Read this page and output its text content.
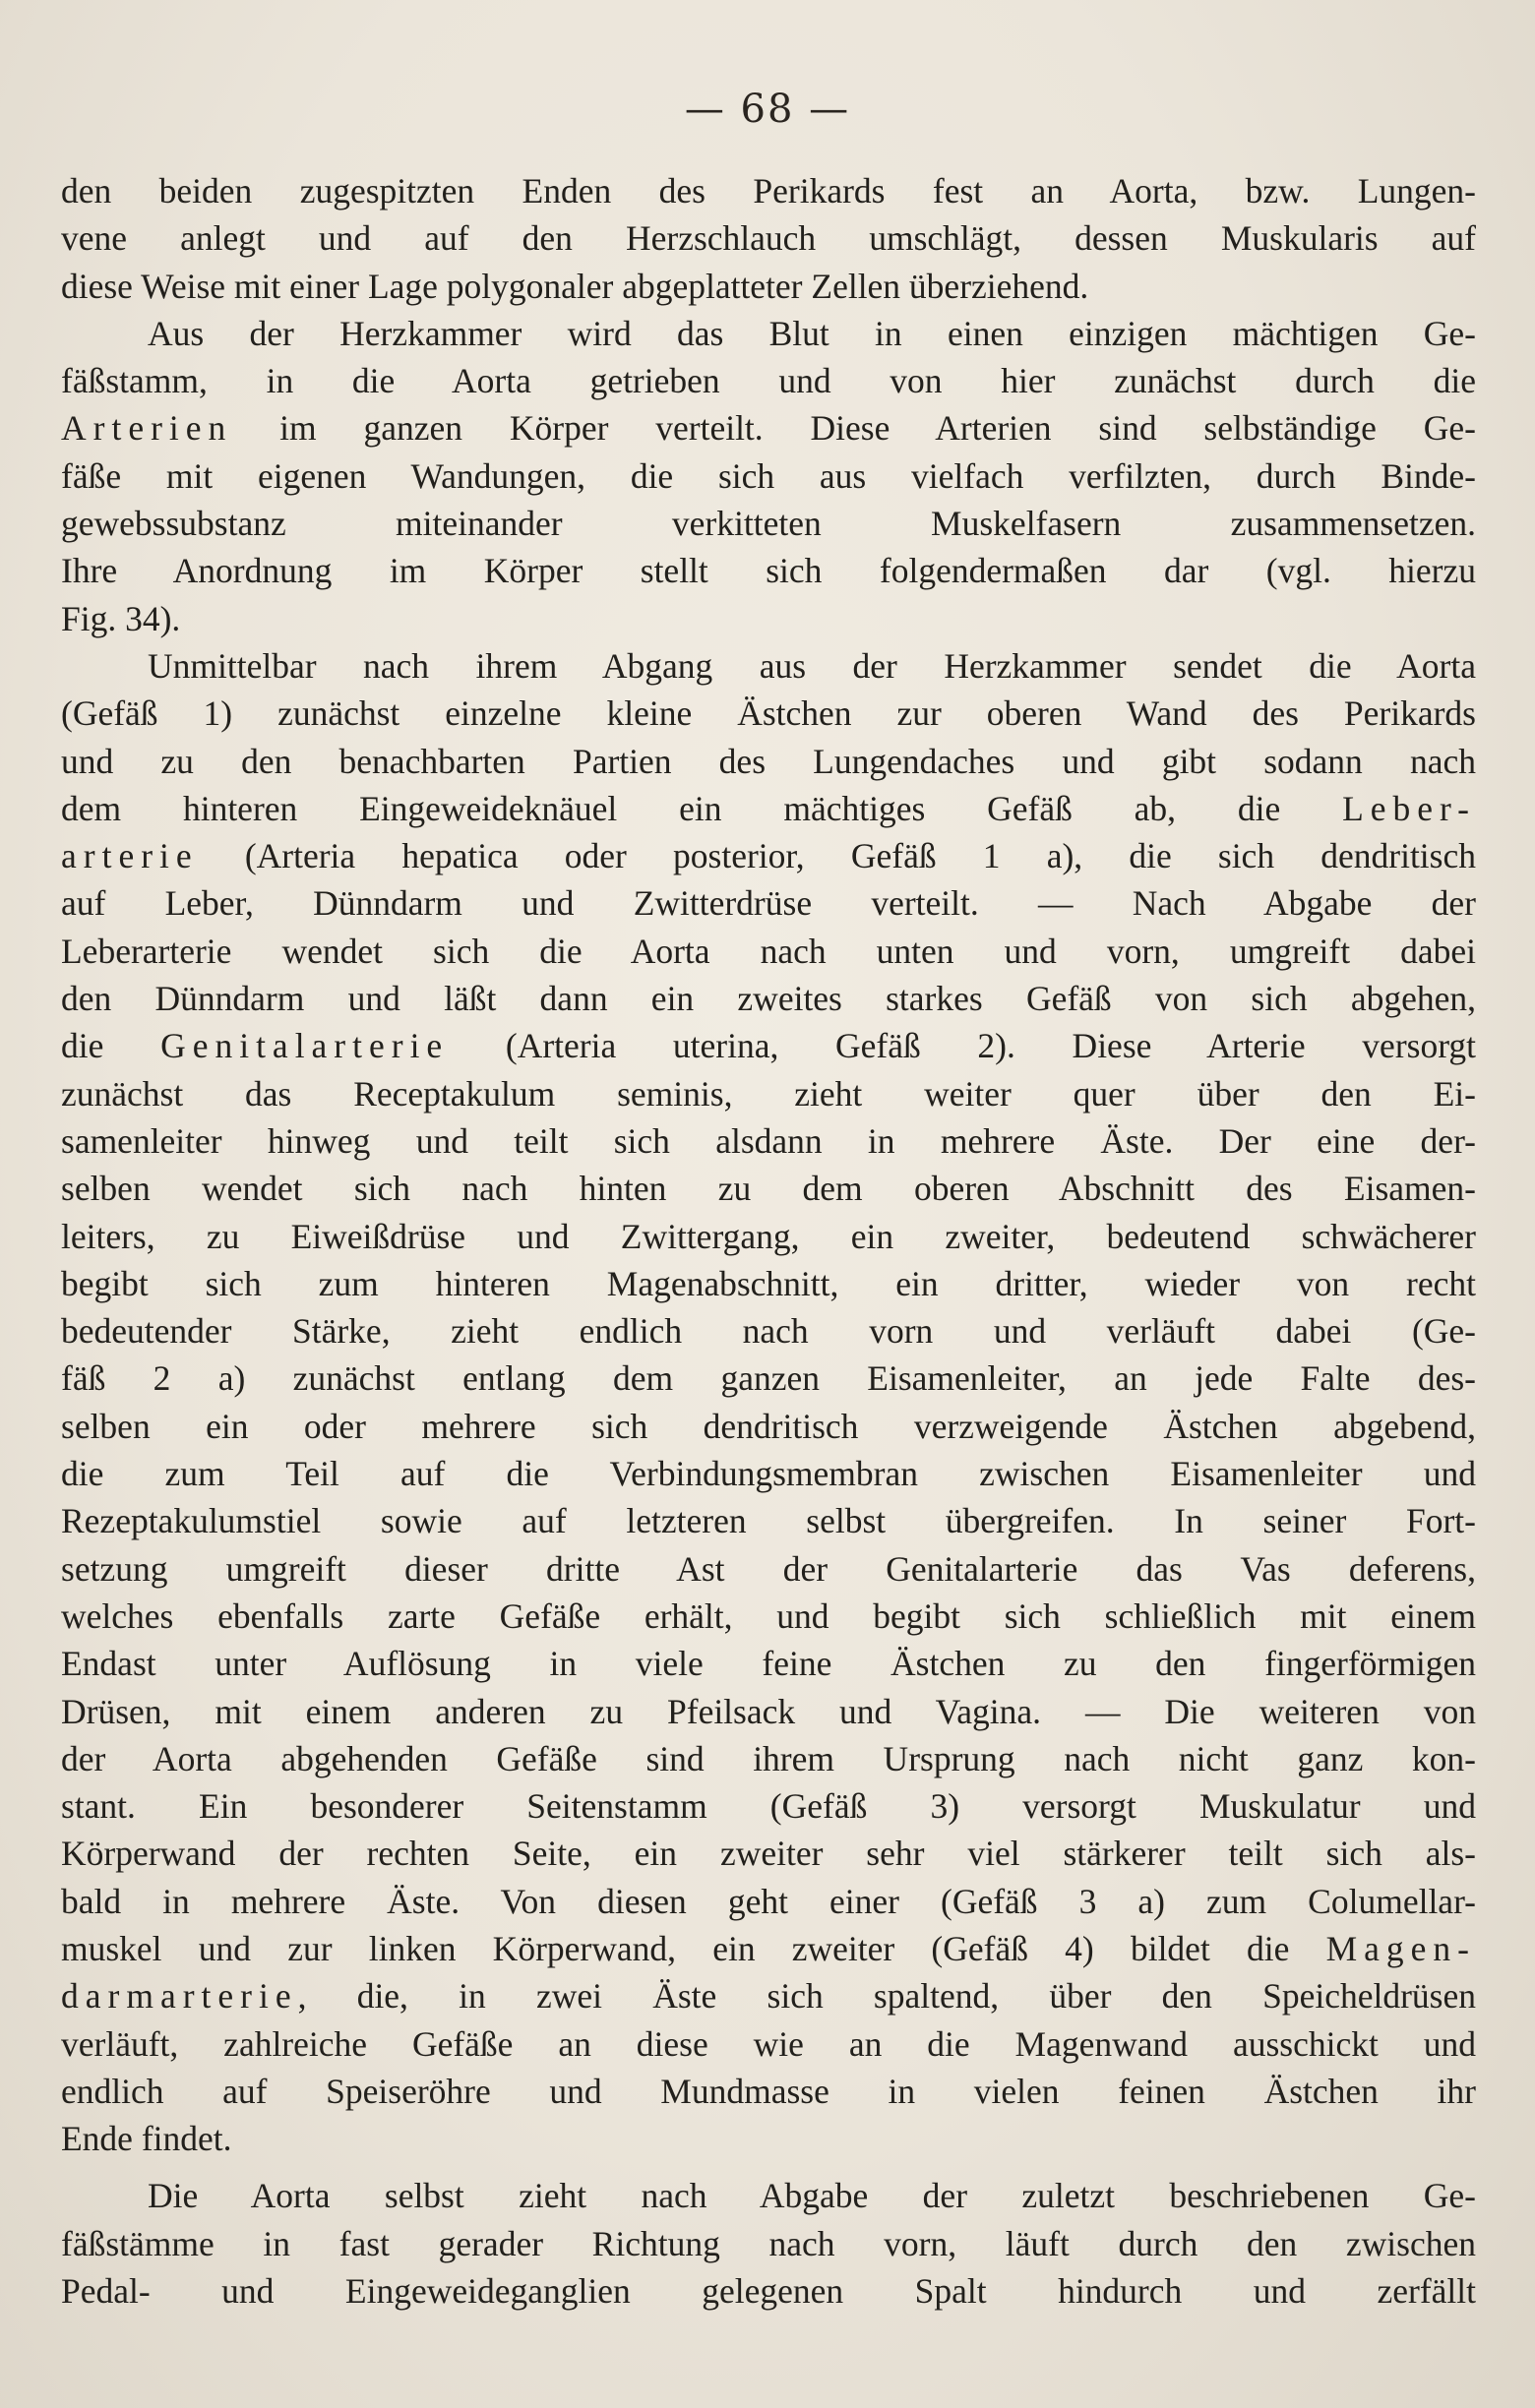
— 68 —
den beiden zugespitzten Enden des Perikards fest an Aorta, bzw. Lungen-
vene anlegt und auf den Herzschlauch umschlägt, dessen Muskularis auf
diese Weise mit einer Lage polygonaler abgeplatteter Zellen überziehend.
Aus der Herzkammer wird das Blut in einen einzigen mächtigen Ge-
fäßstamm, in die Aorta getrieben und von hier zunächst durch die
Arterien im ganzen Körper verteilt. Diese Arterien sind selbständige Ge-
fäße mit eigenen Wandungen, die sich aus vielfach verfilzten, durch Binde-
gewebssubstanz miteinander verkitteten Muskelfasern zusammensetzen.
Ihre Anordnung im Körper stellt sich folgendermaßen dar (vgl. hierzu
Fig. 34).
Unmittelbar nach ihrem Abgang aus der Herzkammer sendet die Aorta
(Gefäß 1) zunächst einzelne kleine Ästchen zur oberen Wand des Perikards
und zu den benachbarten Partien des Lungendaches und gibt sodann nach
dem hinteren Eingeweideknäuel ein mächtiges Gefäß ab, die Leber-
arterie (Arteria hepatica oder posterior, Gefäß 1 a), die sich dendritisch
auf Leber, Dünndarm und Zwitterdrüse verteilt. — Nach Abgabe der
Leberarterie wendet sich die Aorta nach unten und vorn, umgreift dabei
den Dünndarm und läßt dann ein zweites starkes Gefäß von sich abgehen,
die Genitalarterie (Arteria uterina, Gefäß 2). Diese Arterie versorgt
zunächst das Receptakulum seminis, zieht weiter quer über den Ei-
samenleiter hinweg und teilt sich alsdann in mehrere Äste. Der eine der-
selben wendet sich nach hinten zu dem oberen Abschnitt des Eisamen-
leiters, zu Eiweißdrüse und Zwittergang, ein zweiter, bedeutend schwächerer
begibt sich zum hinteren Magenabschnitt, ein dritter, wieder von recht
bedeutender Stärke, zieht endlich nach vorn und verläuft dabei (Ge-
fäß 2 a) zunächst entlang dem ganzen Eisamenleiter, an jede Falte des-
selben ein oder mehrere sich dendritisch verzweigende Ästchen abgebend,
die zum Teil auf die Verbindungsmembran zwischen Eisamenleiter und
Rezeptakulumstiel sowie auf letzteren selbst übergreifen. In seiner Fort-
setzung umgreift dieser dritte Ast der Genitalarterie das Vas deferens,
welches ebenfalls zarte Gefäße erhält, und begibt sich schließlich mit einem
Endast unter Auflösung in viele feine Ästchen zu den fingerförmigen
Drüsen, mit einem anderen zu Pfeilsack und Vagina. — Die weiteren von
der Aorta abgehenden Gefäße sind ihrem Ursprung nach nicht ganz kon-
stant. Ein besonderer Seitenstamm (Gefäß 3) versorgt Muskulatur und
Körperwand der rechten Seite, ein zweiter sehr viel stärkerer teilt sich als-
bald in mehrere Äste. Von diesen geht einer (Gefäß 3 a) zum Columellar-
muskel und zur linken Körperwand, ein zweiter (Gefäß 4) bildet die Magen-
darmarterie, die, in zwei Äste sich spaltend, über den Speicheldrüsen
verläuft, zahlreiche Gefäße an diese wie an die Magenwand ausschickt und
endlich auf Speiseröhre und Mundmasse in vielen feinen Ästchen ihr
Ende findet.
Die Aorta selbst zieht nach Abgabe der zuletzt beschriebenen Ge-
fäßstämme in fast gerader Richtung nach vorn, läuft durch den zwischen
Pedal- und Eingeweideganglien gelegenen Spalt hindurch und zerfällt
